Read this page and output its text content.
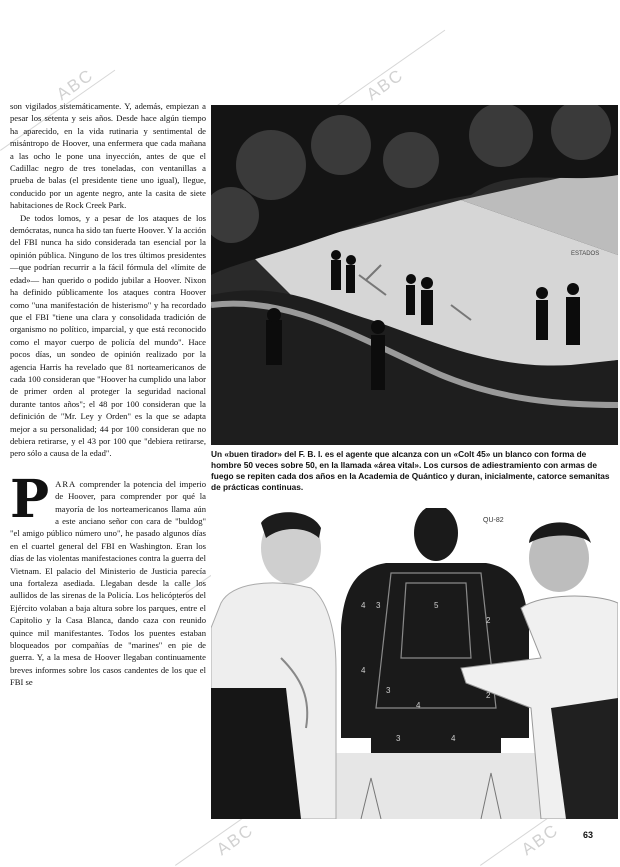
ABC	ABC
ABC	ABC

son vigilados sistemáticamente. Y, además, empiezan a pesar los setenta y seis años. Desde hace algún tiempo ha aparecido, en la vida rutinaria y sentimental de misántropo de Hoover, una enfermera que cada mañana a las ocho le pone una inyección, antes de que el Cadillac negro de tres toneladas, con ventanillas a prueba de balas (el presidente tiene uno igual), llegue, conducido por un agente negro, ante la casita de siete habitaciones de Rock Creek Park.

De todos lomos, y a pesar de los ataques de los demócratas, nunca ha sido tan fuerte Hoover. Y la acción del FBI nunca ha sido considerada tan esencial por la opinión pública. Ninguno de los tres últimos presidentes —que podrían recurrir a la fácil fórmula del «límite de edad»— han querido o podido jubilar a Hoover. Nixon ha definido públicamente los ataques contra Hoover como "una manifestación de histerismo" y ha recordado que el FBI "tiene una clara y consolidada tradición de organismo no político, imparcial, y que está reconocido como el mayor cuerpo de policía del mundo". Hace pocos días, un sondeo de opinión realizado por la agencia Harris ha revelado que 81 norteamericanos de cada 100 consideran que "Hoover ha cumplido una labor de primer orden al proteger la seguridad nacional durante tantos años"; el 48 por 100 consideran que la definición de "Mr. Ley y Orden" es la que se adapta mejor a su personalidad; 44 por 100 consideran que no debiera retirarse, y el 43 por 100 que "debiera retirarse, pero sólo a causa de la edad".

P ARA comprender la potencia del imperio de Hoover, para comprender por qué la mayoría de los norteamericanos llama aún a este anciano señor con cara de "buldog" "el amigo público número uno", he pasado algunos días en el cuartel general del FBI en Washington. Eran los días de las violentas manifestaciones contra la guerra del Vietnam. El palacio del Ministerio de Justicia parecía una fortaleza asediada. Llegaban desde la calle los aullidos de las sirenas de la Policía. Los helicópteros del Ejército volaban a baja altura sobre los parques, entre el Capitolio y la Casa Blanca, dando caza con reunido quince mil manifestantes. Todos los puentes estaban bloqueados por compañías de "marines" en pie de guerra. Y, a la mesa de Hoover llegaban continuamente breves informes sobre los casos candentes de los que el FBI se

ESTADOS

Un «buen tirador» del F. B. I. es el agente que alcanza con un «Colt 45» un blanco con forma de hombre 50 veces sobre 50, en la llamada «área vital». Los cursos de adiestramiento con armas de fuego se repiten cada dos años en la Academia de Quántico y duran, inicialmente, catorce semanitas de prácticas continuas.

4 3	5
2
4
3
2
3	4
4
QU-82
63
